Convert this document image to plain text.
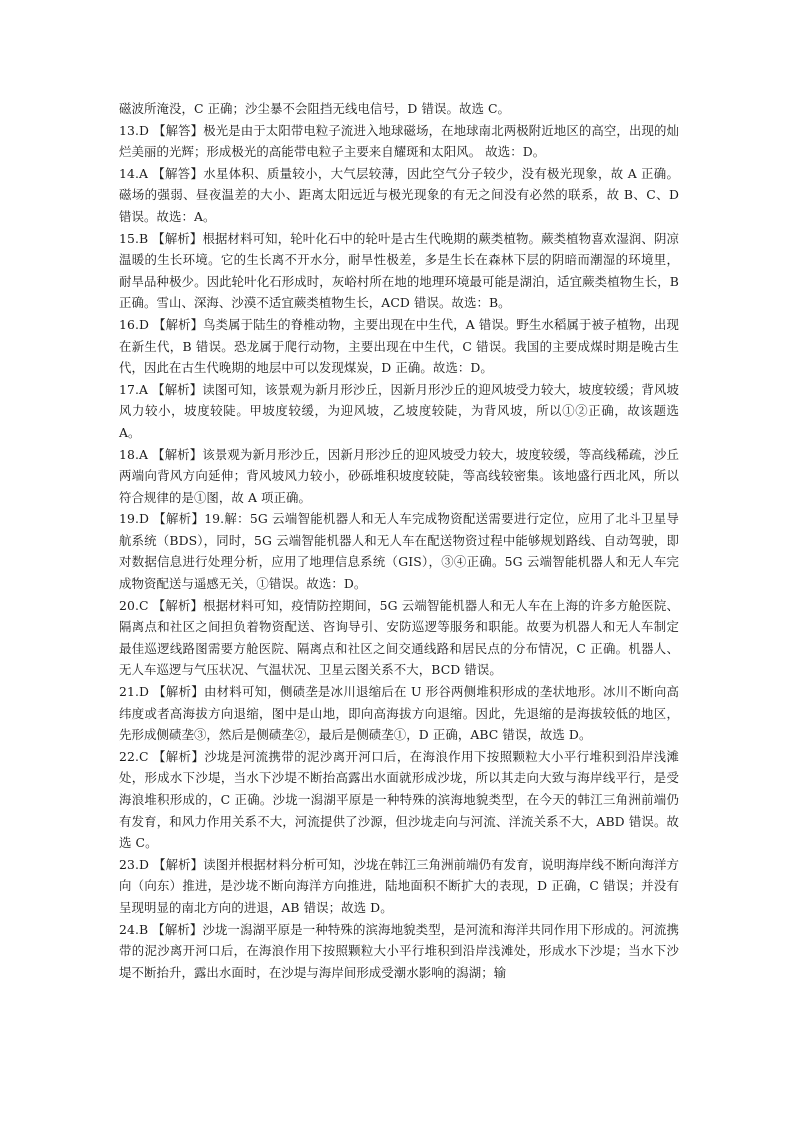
磁波所淹没，C 正确；沙尘暴不会阻挡无线电信号，D 错误。故选 C。

13.D 【解答】极光是由于太阳带电粒子流进入地球磁场，在地球南北两极附近地区的高空，出现的灿烂美丽的光辉；形成极光的高能带电粒子主要来自耀斑和太阳风。 故选：D。

14.A 【解答】水星体积、质量较小，大气层较薄，因此空气分子较少，没有极光现象，故 A 正确。磁场的强弱、昼夜温差的大小、距离太阳远近与极光现象的有无之间没有必然的联系，故 B、C、D 错误。故选：A。

15.B 【解析】根据材料可知，轮叶化石中的轮叶是古生代晚期的蕨类植物。蕨类植物喜欢湿润、阴凉温暖的生长环境。它的生长离不开水分，耐旱性极差，多是生长在森林下层的阴暗而潮湿的环境里，耐旱品种极少。因此轮叶化石形成时，灰峪村所在地的地理环境最可能是湖泊，适宜蕨类植物生长，B 正确。雪山、深海、沙漠不适宜蕨类植物生长，ACD 错误。故选：B。

16.D 【解析】鸟类属于陆生的脊椎动物，主要出现在中生代，A 错误。野生水稻属于被子植物，出现在新生代，B 错误。恐龙属于爬行动物，主要出现在中生代，C 错误。我国的主要成煤时期是晚古生代，因此在古生代晚期的地层中可以发现煤炭，D 正确。故选：D。

17.A 【解析】读图可知，该景观为新月形沙丘，因新月形沙丘的迎风坡受力较大，坡度较缓；背风坡风力较小，坡度较陡。甲坡度较缓，为迎风坡，乙坡度较陡，为背风坡，所以①②正确，故该题选 A。

18.A 【解析】该景观为新月形沙丘，因新月形沙丘的迎风坡受力较大，坡度较缓，等高线稀疏，沙丘两端向背风方向延伸；背风坡风力较小，砂砾堆积坡度较陡，等高线较密集。该地盛行西北风，所以符合规律的是①图，故 A 项正确。

19.D 【解析】19.解：5G 云端智能机器人和无人车完成物资配送需要进行定位，应用了北斗卫星导航系统（BDS），同时，5G 云端智能机器人和无人车在配送物资过程中能够规划路线、自动驾驶，即对数据信息进行处理分析，应用了地理信息系统（GIS），③④正确。5G 云端智能机器人和无人车完成物资配送与遥感无关，①错误。故选：D。

20.C 【解析】根据材料可知，疫情防控期间，5G 云端智能机器人和无人车在上海的许多方舱医院、隔离点和社区之间担负着物资配送、咨询导引、安防巡逻等服务和职能。故要为机器人和无人车制定最佳巡逻线路图需要方舱医院、隔离点和社区之间交通线路和居民点的分布情况，C 正确。机器人、无人车巡逻与气压状况、气温状况、卫星云图关系不大，BCD 错误。

21.D 【解析】由材料可知，侧碛垄是冰川退缩后在 U 形谷两侧堆积形成的垄状地形。冰川不断向高纬度或者高海拔方向退缩，图中是山地，即向高海拔方向退缩。因此，先退缩的是海拔较低的地区，先形成侧碛垄③，然后是侧碛垄②，最后是侧碛垄①，D 正确，ABC 错误，故选 D。

22.C 【解析】沙垅是河流携带的泥沙离开河口后，在海浪作用下按照颗粒大小平行堆积到沿岸浅滩处，形成水下沙堤，当水下沙堤不断抬高露出水面就形成沙垅，所以其走向大致与海岸线平行，是受海浪堆积形成的，C 正确。沙垅一潟湖平原是一种特殊的滨海地貌类型，在今天的韩江三角洲前端仍有发育，和风力作用关系不大，河流提供了沙源，但沙垅走向与河流、洋流关系不大，ABD 错误。故选 C。

23.D 【解析】读图并根据材料分析可知，沙垅在韩江三角洲前端仍有发育，说明海岸线不断向海洋方向（向东）推进，是沙垅不断向海洋方向推进，陆地面积不断扩大的表现，D 正确，C 错误；并没有呈现明显的南北方向的进退，AB 错误；故选 D。

24.B 【解析】沙垅一潟湖平原是一种特殊的滨海地貌类型，是河流和海洋共同作用下形成的。河流携带的泥沙离开河口后，在海浪作用下按照颗粒大小平行堆积到沿岸浅滩处，形成水下沙堤；当水下沙堤不断抬升，露出水面时，在沙堤与海岸间形成受潮水影响的潟湖；输
